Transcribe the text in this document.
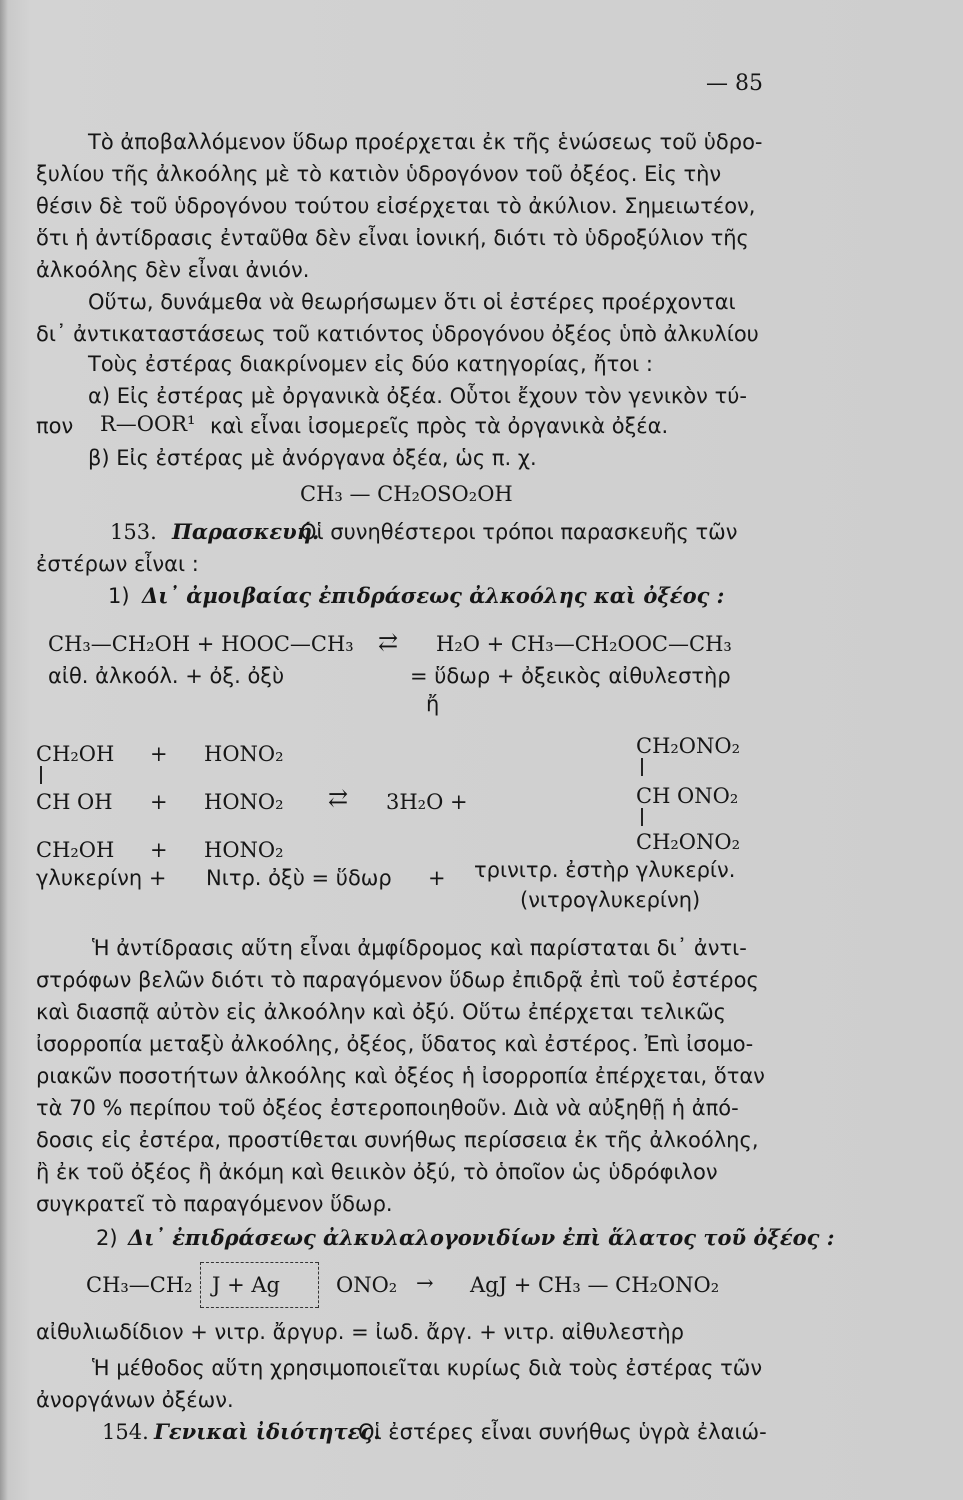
— 85
Τὸ ἀποβαλλόμενον ὕδωρ προέρχεται ἐκ τῆς ἑνώσεως τοῦ ὑδρο-
ξυλίου τῆς ἀλκοόλης μὲ τὸ κατιὸν ὑδρογόνον τοῦ ὀξέος. Εἰς τὴν
θέσιν δὲ τοῦ ὑδρογόνου τούτου εἰσέρχεται τὸ ἀκύλιον. Σημειωτέον,
ὅτι ἡ ἀντίδρασις ἐνταῦθα δὲν εἶναι ἰονική, διότι τὸ ὑδροξύλιον τῆς
ἀλκοόλης δὲν εἶναι ἀνιόν.
Οὕτω, δυνάμεθα νὰ θεωρήσωμεν ὅτι οἱ ἐστέρες προέρχονται
δι᾽ ἀντικαταστάσεως τοῦ κατιόντος ὑδρογόνου ὀξέος ὑπὸ ἀλκυλίου
Τοὺς ἐστέρας διακρίνομεν εἰς δύο κατηγορίας, ἤτοι :
α) Εἰς ἐστέρας μὲ ὀργανικὰ ὀξέα. Οὗτοι ἔχουν τὸν γενικὸν τύ-
πον R—OOR¹ καὶ εἶναι ἰσομερεῖς πρὸς τὰ ὀργανικὰ ὀξέα.
β) Εἰς ἐστέρας μὲ ἀνόργανα ὀξέα, ὡς π. χ.
CH₃ — CH₂OSO₂OH
153. Παρασκευή.
Οἱ συνηθέστεροι τρόποι παρασκευῆς τῶν
ἐστέρων εἶναι :
1) Δι᾽ ἀμοιβαίας ἐπιδράσεως ἀλκοόλης καὶ ὀξέος :
CH₃—CH₂OH + HOOC—CH₃ ⇄ H₂O + CH₃—CH₂OOC—CH₃
αἰθ. ἀλκοόλ. + ὀξ. ὀξὺ	= ὕδωρ + ὀξεικὸς αἰθυλεστὴρ
ἤ
CH₂OH + HONO₂	CH₂ONO₂
CH OH + HONO₂ ⇄ 3H₂O +	CH ONO₂
CH₂OH + HONO₂	CH₂ONO₂
γλυκερίνη + Νιτρ. ὀξὺ = ὕδωρ + τρινιτρ. ἐστὴρ γλυκερίν.
(νιτρογλυκερίνη)
Ἡ ἀντίδρασις αὕτη εἶναι ἀμφίδρομος καὶ παρίσταται δι᾽ ἀντι-
στρόφων βελῶν διότι τὸ παραγόμενον ὕδωρ ἐπιδρᾷ ἐπὶ τοῦ ἐστέρος
καὶ διασπᾷ αὐτὸν εἰς ἀλκοόλην καὶ ὀξύ. Οὕτω ἐπέρχεται τελικῶς
ἰσορροπία μεταξὺ ἀλκοόλης, ὀξέος, ὕδατος καὶ ἐστέρος. Ἐπὶ ἰσομο-
ριακῶν ποσοτήτων ἀλκοόλης καὶ ὀξέος ἡ ἰσορροπία ἐπέρχεται, ὅταν
τὰ 70 % περίπου τοῦ ὀξέος ἐστεροποιηθοῦν. Διὰ νὰ αὐξηθῇ ἡ ἀπό-
δοσις εἰς ἐστέρα, προστίθεται συνήθως περίσσεια ἐκ τῆς ἀλκοόλης,
ἢ ἐκ τοῦ ὀξέος ἢ ἀκόμη καὶ θειικὸν ὀξύ, τὸ ὁποῖον ὡς ὑδρόφιλον
συγκρατεῖ τὸ παραγόμενον ὕδωρ.
2) Δι᾽ ἐπιδράσεως ἀλκυλαλογονιδίων ἐπὶ ἅλατος τοῦ ὀξέος :
CH₃—CH₂ J + Ag	ONO₂ → AgJ + CH₃ — CH₂ONO₂
αἰθυλιωδίδιον + νιτρ. ἄργυρ. = ἰωδ. ἄργ. + νιτρ. αἰθυλεστὴρ
Ἡ μέθοδος αὕτη χρησιμοποιεῖται κυρίως διὰ τοὺς ἐστέρας τῶν
ἀνοργάνων ὀξέων.
154. Γενικαὶ ἰδιότητες.
Οἱ ἐστέρες εἶναι συνήθως ὑγρὰ ἐλαιώ-
